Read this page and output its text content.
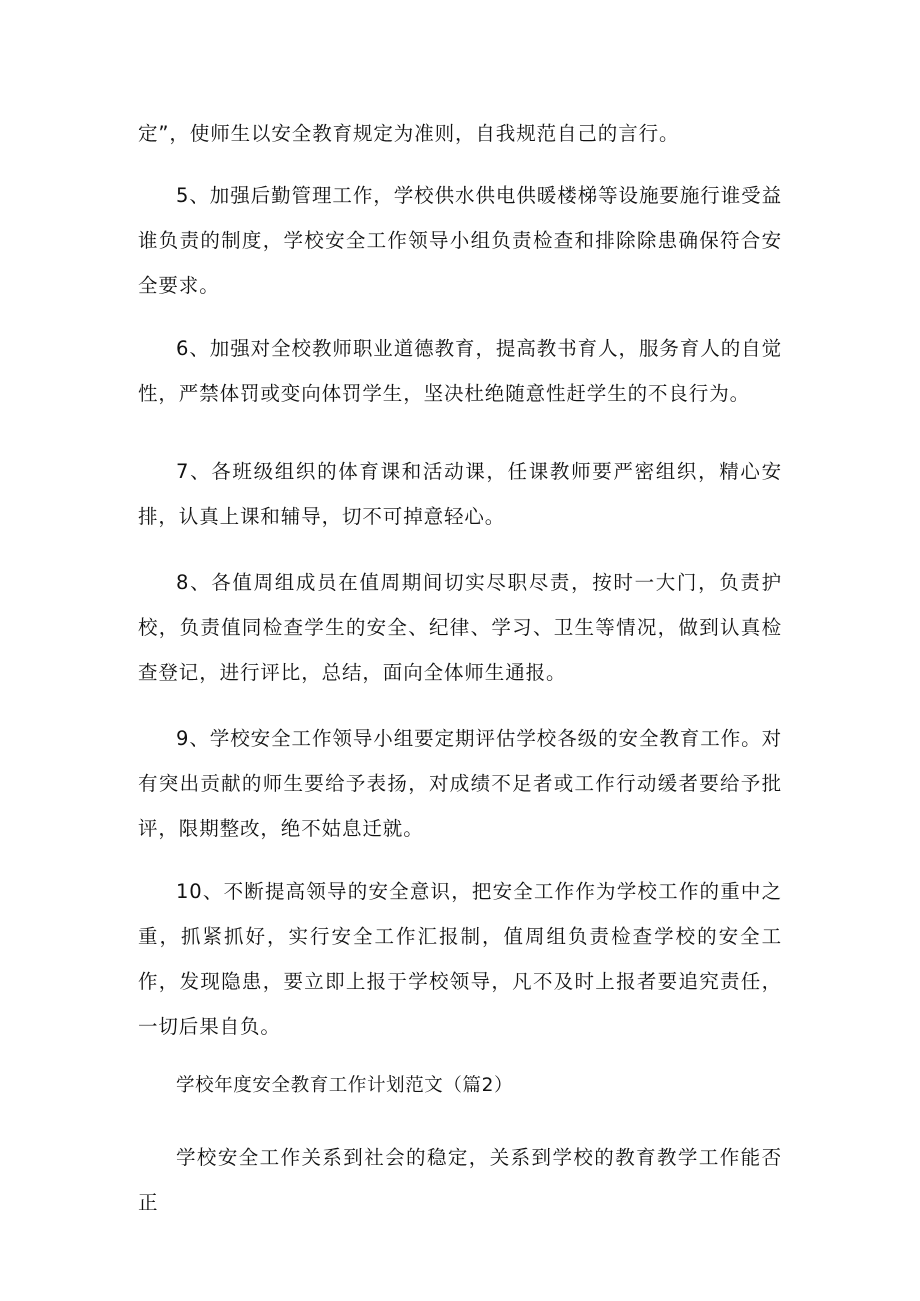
定”，使师生以安全教育规定为准则，自我规范自己的言行。

5、加强后勤管理工作，学校供水供电供暖楼梯等设施要施行谁受益谁负责的制度，学校安全工作领导小组负责检查和排除除患确保符合安全要求。

6、加强对全校教师职业道德教育，提高教书育人，服务育人的自觉性，严禁体罚或变向体罚学生，坚决杜绝随意性赶学生的不良行为。

7、各班级组织的体育课和活动课，任课教师要严密组织，精心安排，认真上课和辅导，切不可掉意轻心。

8、各值周组成员在值周期间切实尽职尽责，按时一大门，负责护校，负责值同检查学生的安全、纪律、学习、卫生等情况，做到认真检查登记，进行评比，总结，面向全体师生通报。

9、学校安全工作领导小组要定期评估学校各级的安全教育工作。对有突出贡献的师生要给予表扬，对成绩不足者或工作行动缓者要给予批评，限期整改，绝不姑息迁就。

10、不断提高领导的安全意识，把安全工作作为学校工作的重中之重，抓紧抓好，实行安全工作汇报制，值周组负责检查学校的安全工作，发现隐患，要立即上报于学校领导，凡不及时上报者要追究责任，一切后果自负。

学校年度安全教育工作计划范文（篇2）

学校安全工作关系到社会的稳定，关系到学校的教育教学工作能否正
